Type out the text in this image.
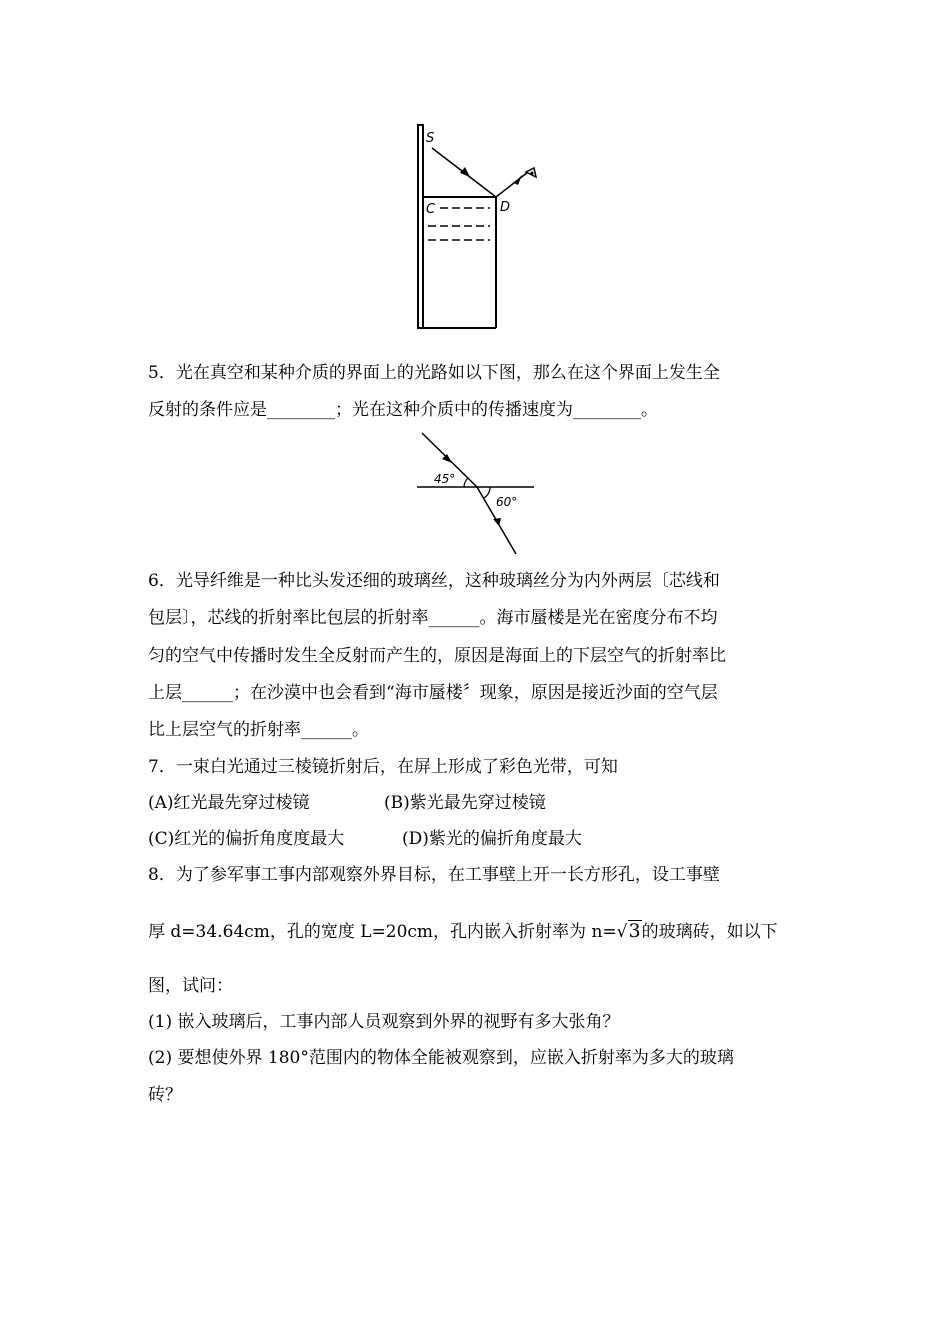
S
C	D
5．光在真空和某种介质的界面上的光路如以下图，那么在这个界面上发生全
反射的条件应是________；光在这种介质中的传播速度为________。
45°
60°
6．光导纤维是一种比头发还细的玻璃丝，这种玻璃丝分为内外两层〔芯线和
包层〕，芯线的折射率比包层的折射率______。海市蜃楼是光在密度分布不均
匀的空气中传播时发生全反射而产生的，原因是海面上的下层空气的折射率比
上层______；在沙漠中也会看到“海市蜃楼〞现象，原因是接近沙面的空气层
比上层空气的折射率______。
7．一束白光通过三棱镜折射后，在屏上形成了彩色光带，可知
(A)红光最先穿过棱镜	(B)紫光最先穿过棱镜
(C)红光的偏折角度度最大	(D)紫光的偏折角度最大
8．为了参军事工事内部观察外界目标，在工事壁上开一长方形孔，设工事壁
厚 d=34.64cm，孔的宽度 L=20cm，孔内嵌入折射率为 n=√3的玻璃砖，如以下
图，试问：
(1) 嵌入玻璃后，工事内部人员观察到外界的视野有多大张角？
(2) 要想使外界 180°范围内的物体全能被观察到，应嵌入折射率为多大的玻璃
砖？
